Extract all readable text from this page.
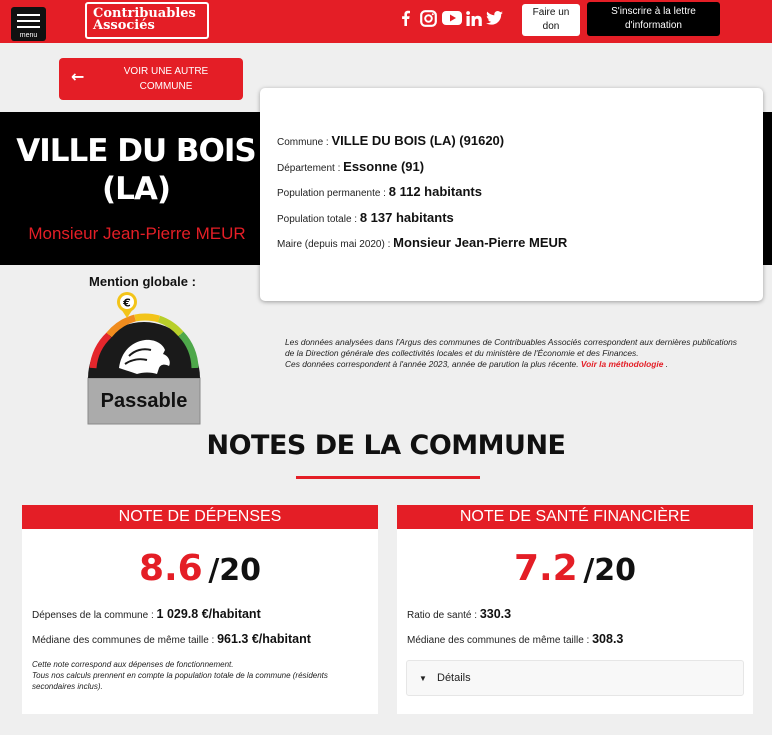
menu
Contribuables
Associés
Faire un
don
S'inscrire à la lettre
d'information
←	VOIR UNE AUTRE
COMMUNE
VILLE DU BOIS
(LA)
Monsieur Jean-Pierre MEUR
Commune : VILLE DU BOIS (LA) (91620)
Département : Essonne (91)
Population permanente : 8 112 habitants
Population totale : 8 137 habitants
Maire (depuis mai 2020) : Monsieur Jean-Pierre MEUR
Mention globale :
€
Passable
Les données analysées dans l'Argus des communes de Contribuables Associés correspondent aux dernières publications
de la Direction générale des collectivités locales et du ministère de l'Économie et des Finances.
Ces données correspondent à l'année 2023, année de parution la plus récente. Voir la méthodologie .
NOTES DE LA COMMUNE
NOTE DE DÉPENSES
8.6 /20
Dépenses de la commune : 1 029.8 €/habitant
Médiane des communes de même taille : 961.3 €/habitant
Cette note correspond aux dépenses de fonctionnement.
Tous nos calculs prennent en compte la population totale de la commune (résidents secondaires inclus).
NOTE DE SANTÉ FINANCIÈRE
7.2 /20
Ratio de santé : 330.3
Médiane des communes de même taille : 308.3
▼ Détails
